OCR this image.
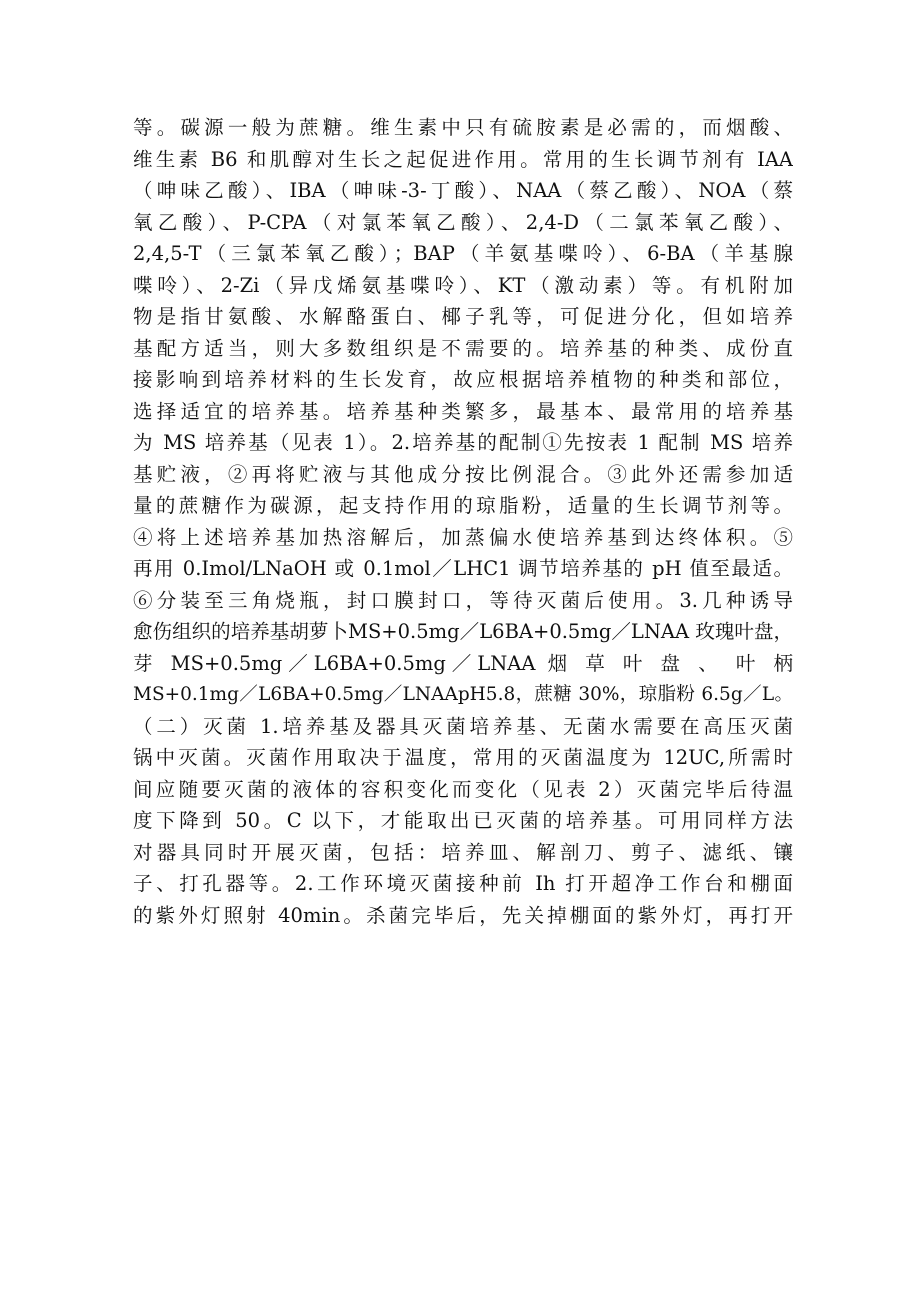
等。碳源一般为蔗糖。维生素中只有硫胺素是必需的，而烟酸、
维生素 B6 和肌醇对生长之起促进作用。常用的生长调节剂有 IAA
（呻味乙酸）、IBA（呻味-3-丁酸）、NAA（蔡乙酸）、NOA（蔡
氧乙酸）、P-CPA（对氯苯氧乙酸）、2,4-D（二氯苯氧乙酸）、
2,4,5-T（三氯苯氧乙酸）；BAP（羊氨基喋呤）、6-BA（羊基腺
喋呤）、2-Zi（异戊烯氨基喋呤）、KT（激动素）等。有机附加
物是指甘氨酸、水解酪蛋白、椰子乳等，可促进分化，但如培养
基配方适当，则大多数组织是不需要的。培养基的种类、成份直
接影响到培养材料的生长发育，故应根据培养植物的种类和部位，
选择适宜的培养基。培养基种类繁多，最基本、最常用的培养基
为 MS 培养基（见表 1）。2.培养基的配制①先按表 1 配制 MS 培养
基贮液，②再将贮液与其他成分按比例混合。③此外还需参加适
量的蔗糖作为碳源，起支持作用的琼脂粉，适量的生长调节剂等。
④将上述培养基加热溶解后，加蒸偏水使培养基到达终体积。⑤
再用 0.Imol/LNaOH 或 0.1mol／LHC1 调节培养基的 pH 值至最适。
⑥分装至三角烧瓶，封口膜封口，等待灭菌后使用。3.几种诱导
愈伤组织的培养基胡萝卜MS+0.5mg／L6BA+0.5mg／LNAA 玫瑰叶盘，
芽 MS+0.5mg／L6BA+0.5mg／LNAA 烟 草 叶 盘 、 叶 柄
MS+0.1mg／L6BA+0.5mg／LNAApH5.8，蔗糖 30%，琼脂粉 6.5g／L。
（二）灭菌 1.培养基及器具灭菌培养基、无菌水需要在高压灭菌
锅中灭菌。灭菌作用取决于温度，常用的灭菌温度为 12UC,所需时
间应随要灭菌的液体的容积变化而变化（见表 2）灭菌完毕后待温
度下降到 50。C 以下，才能取出已灭菌的培养基。可用同样方法
对器具同时开展灭菌，包括：培养皿、解剖刀、剪子、滤纸、镶
子、打孔器等。2.工作环境灭菌接种前 Ih 打开超净工作台和棚面
的紫外灯照射 40min。杀菌完毕后，先关掉棚面的紫外灯，再打开
